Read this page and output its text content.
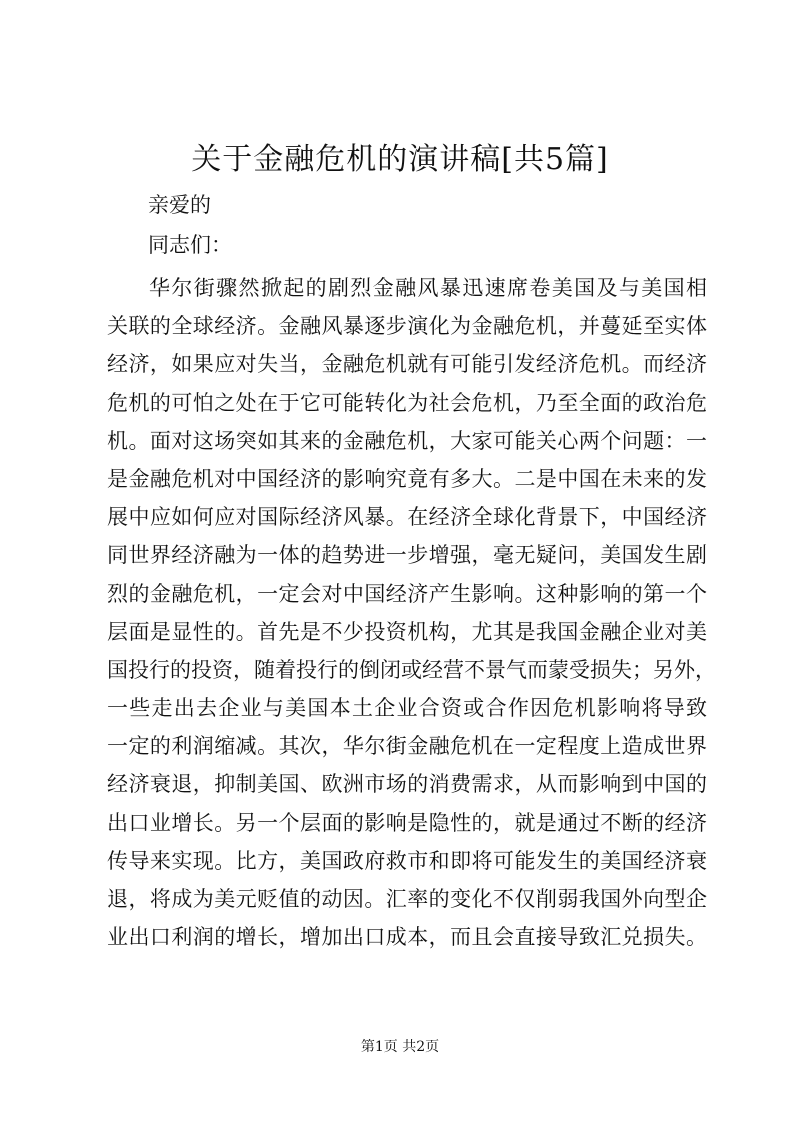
关于金融危机的演讲稿[共5篇]
亲爱的
同志们：
华尔街骤然掀起的剧烈金融风暴迅速席卷美国及与美国相
关联的全球经济。金融风暴逐步演化为金融危机，并蔓延至实体
经济，如果应对失当，金融危机就有可能引发经济危机。而经济
危机的可怕之处在于它可能转化为社会危机，乃至全面的政治危
机。面对这场突如其来的金融危机，大家可能关心两个问题：一
是金融危机对中国经济的影响究竟有多大。二是中国在未来的发
展中应如何应对国际经济风暴。在经济全球化背景下，中国经济
同世界经济融为一体的趋势进一步增强，毫无疑问，美国发生剧
烈的金融危机，一定会对中国经济产生影响。这种影响的第一个
层面是显性的。首先是不少投资机构，尤其是我国金融企业对美
国投行的投资，随着投行的倒闭或经营不景气而蒙受损失；另外，
一些走出去企业与美国本土企业合资或合作因危机影响将导致
一定的利润缩减。其次，华尔街金融危机在一定程度上造成世界
经济衰退，抑制美国、欧洲市场的消费需求，从而影响到中国的
出口业增长。另一个层面的影响是隐性的，就是通过不断的经济
传导来实现。比方，美国政府救市和即将可能发生的美国经济衰
退，将成为美元贬值的动因。汇率的变化不仅削弱我国外向型企
业出口利润的增长，增加出口成本，而且会直接导致汇兑损失。
第1页 共2页
